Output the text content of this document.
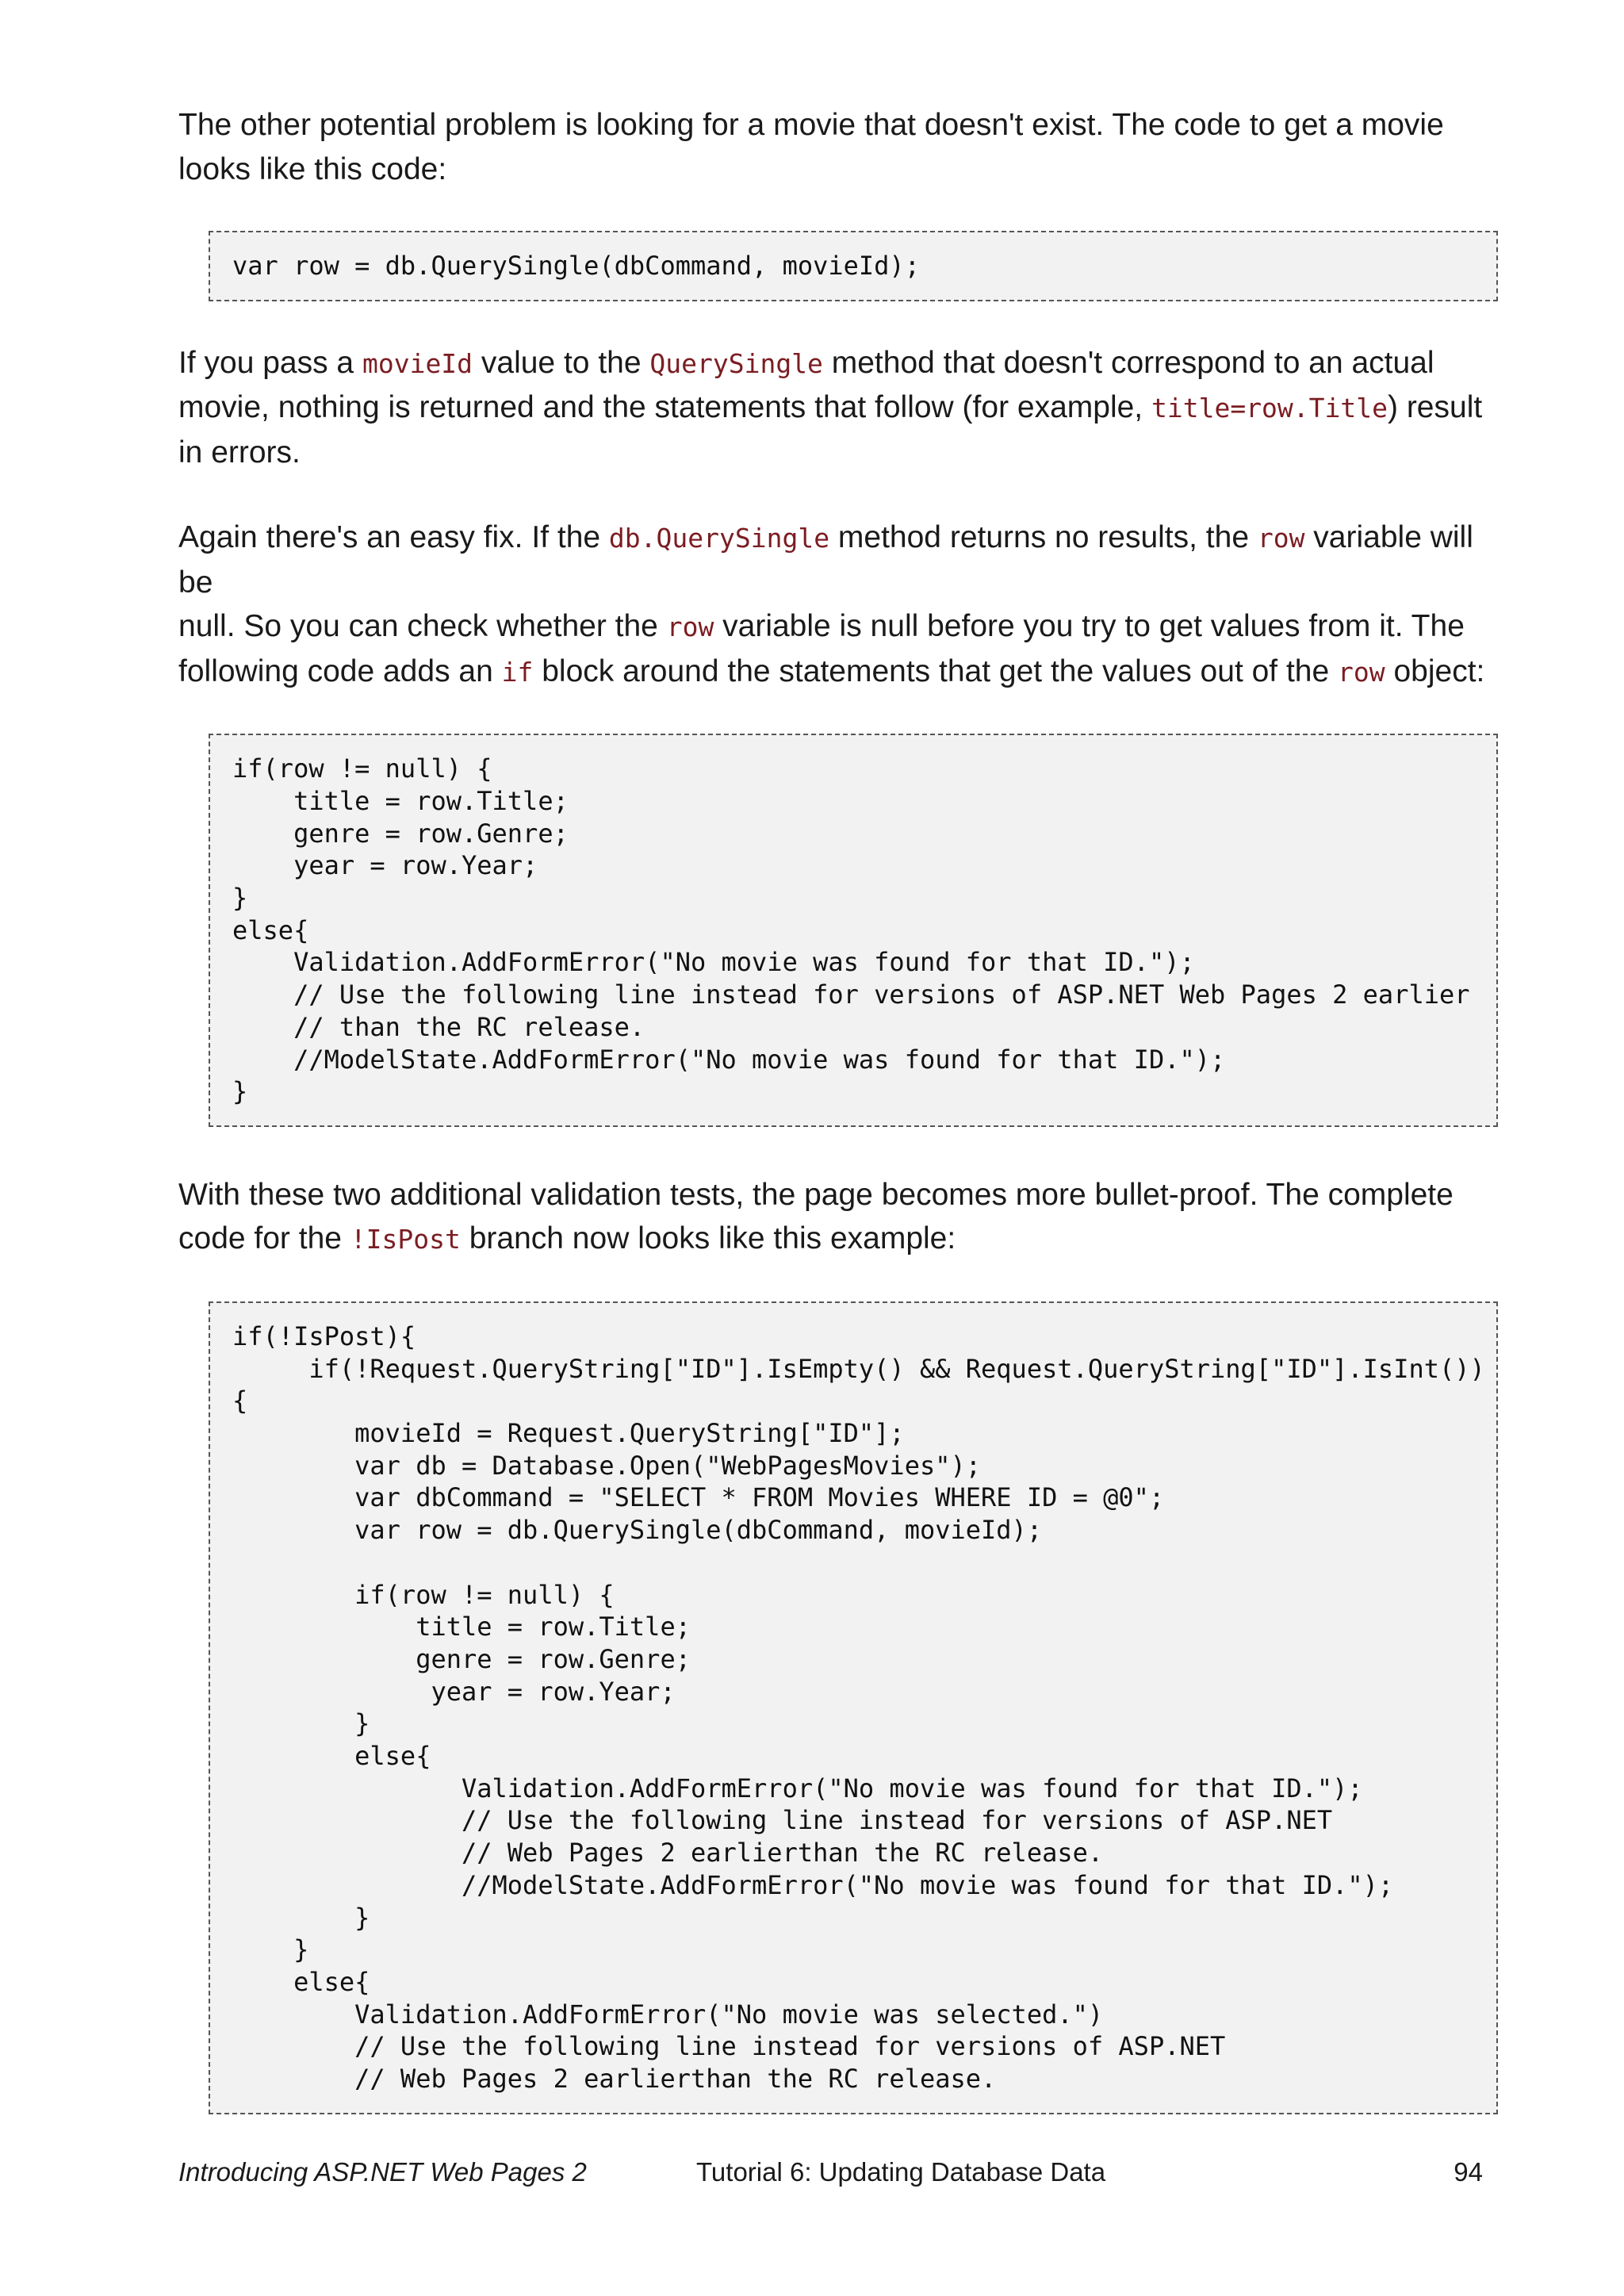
The other potential problem is looking for a movie that doesn't exist. The code to get a movie
looks like this code:

var row = db.QuerySingle(dbCommand, movieId);

If you pass a movieId value to the QuerySingle method that doesn't correspond to an actual
movie, nothing is returned and the statements that follow (for example, title=row.Title) result
in errors.

Again there's an easy fix. If the db.QuerySingle method returns no results, the row variable will be
null. So you can check whether the row variable is null before you try to get values from it. The
following code adds an if block around the statements that get the values out of the row object:

if(row != null) {
title = row.Title;
genre = row.Genre;
year = row.Year;
}
else{
Validation.AddFormError("No movie was found for that ID.");
// Use the following line instead for versions of ASP.NET Web Pages 2 earlier
// than the RC release.
//ModelState.AddFormError("No movie was found for that ID.");
}

With these two additional validation tests, the page becomes more bullet-proof. The complete
code for the !IsPost branch now looks like this example:

if(!IsPost){
if(!Request.QueryString["ID"].IsEmpty() && Request.QueryString["ID"].IsInt())
{
movieId = Request.QueryString["ID"];
var db = Database.Open("WebPagesMovies");
var dbCommand = "SELECT * FROM Movies WHERE ID = @0";
var row = db.QuerySingle(dbCommand, movieId);

if(row != null) {
title = row.Title;
genre = row.Genre;
year = row.Year;
}
else{
Validation.AddFormError("No movie was found for that ID.");
// Use the following line instead for versions of ASP.NET
// Web Pages 2 earlierthan the RC release.
//ModelState.AddFormError("No movie was found for that ID.");
}
}
else{
Validation.AddFormError("No movie was selected.")
// Use the following line instead for versions of ASP.NET
// Web Pages 2 earlierthan the RC release.
Introducing ASP.NET Web Pages 2	Tutorial 6: Updating Database Data	94
